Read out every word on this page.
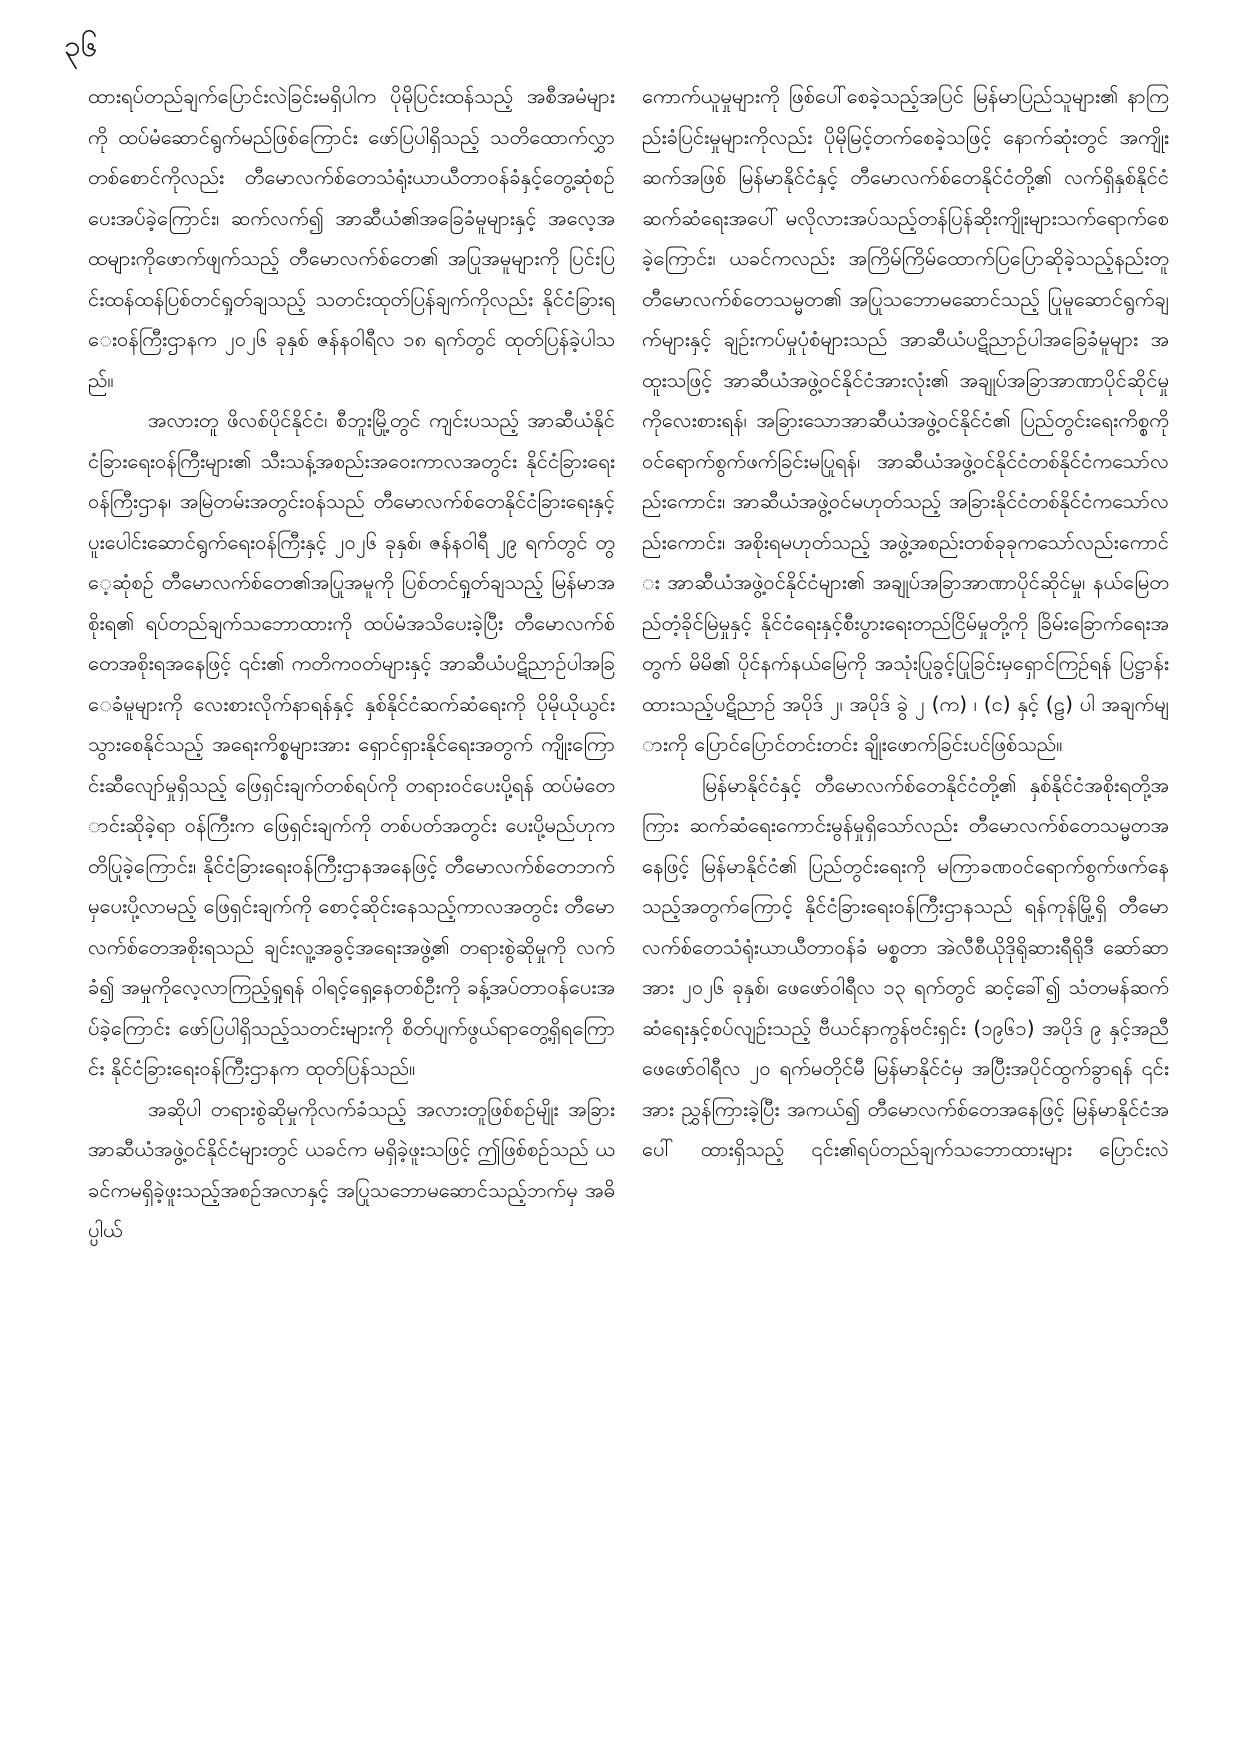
၃၆

ထားရပ်တည်ချက်ပြောင်းလဲခြင်းမရှိပါက ပိုမိုပြင်းထန်သည့် အစီအမံများကို ထပ်မံဆောင်ရွက်မည်ဖြစ်ကြောင်း ဖော်ပြပါရှိသည့် သတိထောက်လွှာတစ်စောင်ကိုလည်း တီမောလက်စ်တေသံရုံးယာယီတာဝန်ခံနှင့်တွေ့ဆုံစဉ် ပေးအပ်ခဲ့ကြောင်း၊ ဆက်လက်၍ အာဆီယံ၏အခြေခံမူများနှင့် အလေ့အထများကိုဖောက်ဖျက်သည့် တီမောလက်စ်တေ၏ အပြုအမူများကို ပြင်းပြင်းထန်ထန်ပြစ်တင်ရှုတ်ချသည့် သတင်းထုတ်ပြန်ချက်ကိုလည်း နိုင်ငံခြားရေးဝန်ကြီးဌာနက ၂၀၂၆ ခုနှစ် ဇန်နဝါရီလ ၁၈ ရက်တွင် ထုတ်ပြန်ခဲ့ပါသည်။

အလားတူ ဖိလစ်ပိုင်နိုင်ငံ၊ စီဘူးမြို့တွင် ကျင်းပသည့် အာဆီယံနိုင်ငံခြားရေးဝန်ကြီးများ၏ သီးသန့်အစည်းအဝေးကာလအတွင်း နိုင်ငံခြားရေးဝန်ကြီးဌာန၊ အမြဲတမ်းအတွင်းဝန်သည် တီမောလက်စ်တေနိုင်ငံခြားရေးနှင့်ပူးပေါင်းဆောင်ရွက်ရေးဝန်ကြီးနှင့် ၂၀၂၆ ခုနှစ်၊ ဇန်နဝါရီ ၂၉ ရက်တွင် တွေ့ဆုံစဉ် တီမောလက်စ်တေ၏အပြုအမူကို ပြစ်တင်ရှုတ်ချသည့် မြန်မာအစိုးရ၏ ရပ်တည်ချက်သဘောထားကို ထပ်မံအသိပေးခဲ့ပြီး တီမောလက်စ်တေအစိုးရအနေဖြင့် ၎င်း၏ ကတိကဝတ်များနှင့် အာဆီယံပဋိညာဉ်ပါအခြေခံမူများကို လေးစားလိုက်နာရန်နှင့် နှစ်နိုင်ငံဆက်ဆံရေးကို ပိုမိုယိုယွင်းသွားစေနိုင်သည့် အရေးကိစ္စများအား ရှောင်ရှားနိုင်ရေးအတွက် ကျိုးကြောင်းဆီလျော်မှုရှိသည့် ဖြေရှင်းချက်တစ်ရပ်ကို တရားဝင်ပေးပို့ရန် ထပ်မံတောင်းဆိုခဲ့ရာ ဝန်ကြီးက ဖြေရှင်းချက်ကို တစ်ပတ်အတွင်း ပေးပို့မည်ဟုကတိပြုခဲ့ကြောင်း၊ နိုင်ငံခြားရေးဝန်ကြီးဌာနအနေဖြင့် တီမောလက်စ်တေဘက်မှပေးပို့လာမည့် ဖြေရှင်းချက်ကို စောင့်ဆိုင်းနေသည့်ကာလအတွင်း တီမောလက်စ်တေအစိုးရသည် ချင်းလူ့အခွင့်အရေးအဖွဲ့၏ တရားစွဲဆိုမှုကို လက်ခံ၍ အမှုကိုလေ့လာကြည့်ရှုရန် ဝါရင့်ရှေ့နေတစ်ဦးကို ခန့်အပ်တာဝန်ပေးအပ်ခဲ့ကြောင်း ဖော်ပြပါရှိသည့်သတင်းများကို စိတ်ပျက်ဖွယ်ရာတွေ့ရှိရကြောင်း နိုင်ငံခြားရေးဝန်ကြီးဌာနက ထုတ်ပြန်သည်။

အဆိုပါ တရားစွဲဆိုမှုကိုလက်ခံသည့် အလားတူဖြစ်စဉ်မျိုး အခြားအာဆီယံအဖွဲ့ဝင်နိုင်ငံများတွင် ယခင်က မရှိခဲ့ဖူးသဖြင့် ဤဖြစ်စဉ်သည် ယခင်ကမရှိခဲ့ဖူးသည့်အစဉ်အလာနှင့် အပြုသဘောမဆောင်သည့်ဘက်မှ အဓိပ္ပါယ်

ကောက်ယူမှုများကို ဖြစ်ပေါ်စေခဲ့သည့်အပြင် မြန်မာပြည်သူများ၏ နာကြည်းခံပြင်းမှုများကိုလည်း ပိုမိုမြင့်တက်စေခဲ့သဖြင့် နောက်ဆုံးတွင် အကျိုးဆက်အဖြစ် မြန်မာနိုင်ငံနှင့် တီမောလက်စ်တေနိုင်ငံတို့၏ လက်ရှိနှစ်နိုင်ငံဆက်ဆံရေးအပေါ် မလိုလားအပ်သည့်တန်ပြန်ဆိုးကျိုးများသက်ရောက်စေခဲ့ကြောင်း၊ ယခင်ကလည်း အကြိမ်ကြိမ်ထောက်ပြပြောဆိုခဲ့သည့်နည်းတူ တီမောလက်စ်တေသမ္မတ၏ အပြုသဘောမဆောင်သည့် ပြုမူဆောင်ရွက်ချက်များနှင့် ချဉ်းကပ်မှုပုံစံများသည် အာဆီယံပဋိညာဉ်ပါအခြေခံမူများ အထူးသဖြင့် အာဆီယံအဖွဲ့ဝင်နိုင်ငံအားလုံး၏ အချုပ်အခြာအာဏာပိုင်ဆိုင်မှုကိုလေးစားရန်၊ အခြားသောအာဆီယံအဖွဲ့ဝင်နိုင်ငံ၏ ပြည်တွင်းရေးကိစ္စကို ဝင်ရောက်စွက်ဖက်ခြင်းမပြုရန်၊ အာဆီယံအဖွဲ့ဝင်နိုင်ငံတစ်နိုင်ငံကသော်လည်းကောင်း၊ အာဆီယံအဖွဲ့ဝင်မဟုတ်သည့် အခြားနိုင်ငံတစ်နိုင်ငံကသော်လည်းကောင်း၊ အစိုးရမဟုတ်သည့် အဖွဲ့အစည်းတစ်ခုခုကသော်လည်းကောင်း အာဆီယံအဖွဲ့ဝင်နိုင်ငံများ၏ အချုပ်အခြာအာဏာပိုင်ဆိုင်မှု၊ နယ်မြေတည်တံ့ခိုင်မြဲမှုနှင့် နိုင်ငံရေးနှင့်စီးပွားရေးတည်ငြိမ်မှုတို့ကို ခြိမ်းခြောက်ရေးအတွက် မိမိ၏ ပိုင်နက်နယ်မြေကို အသုံးပြုခွင့်ပြုခြင်းမှရှောင်ကြဉ်ရန် ပြဋ္ဌာန်းထားသည့်ပဋိညာဉ် အပိုဒ် ၂၊ အပိုဒ် ခွဲ ၂ (က) ၊ (င) နှင့် (ဠ) ပါ အချက်များကို ပြောင်ပြောင်တင်းတင်း ချိုးဖောက်ခြင်းပင်ဖြစ်သည်။

မြန်မာနိုင်ငံနှင့် တီမောလက်စ်တေနိုင်ငံတို့၏ နှစ်နိုင်ငံအစိုးရတို့အကြား ဆက်ဆံရေးကောင်းမွန်မှုရှိသော်လည်း တီမောလက်စ်တေသမ္မတအနေဖြင့် မြန်မာနိုင်ငံ၏ ပြည်တွင်းရေးကို မကြာခဏဝင်ရောက်စွက်ဖက်နေသည့်အတွက်ကြောင့် နိုင်ငံခြားရေးဝန်ကြီးဌာနသည် ရန်ကုန်မြို့ရှိ တီမောလက်စ်တေသံရုံးယာယီတာဝန်ခံ မစ္စတာ အဲလီစီယိုဒိုရိုဆားရီရိုဒီ ဆော်ဆာအား ၂၀၂၆ ခုနှစ်၊ ဖေဖော်ဝါရီလ ၁၃ ရက်တွင် ဆင့်ခေါ်၍ သံတမန်ဆက်ဆံရေးနှင့်စပ်လျဉ်းသည့် ဗီယင်နာကွန်ဗင်းရှင်း (၁၉၆၁) အပိုဒ် ၉ နှင့်အညီ ဖေဖော်ဝါရီလ ၂၀ ရက်မတိုင်မီ မြန်မာနိုင်ငံမှ အပြီးအပိုင်ထွက်ခွာရန် ၎င်းအား ညွှန်ကြားခဲ့ပြီး အကယ်၍ တီမောလက်စ်တေအနေဖြင့် မြန်မာနိုင်ငံအပေါ် ထားရှိသည့် ၎င်း၏ရပ်တည်ချက်သဘောထားများ ပြောင်းလဲ
